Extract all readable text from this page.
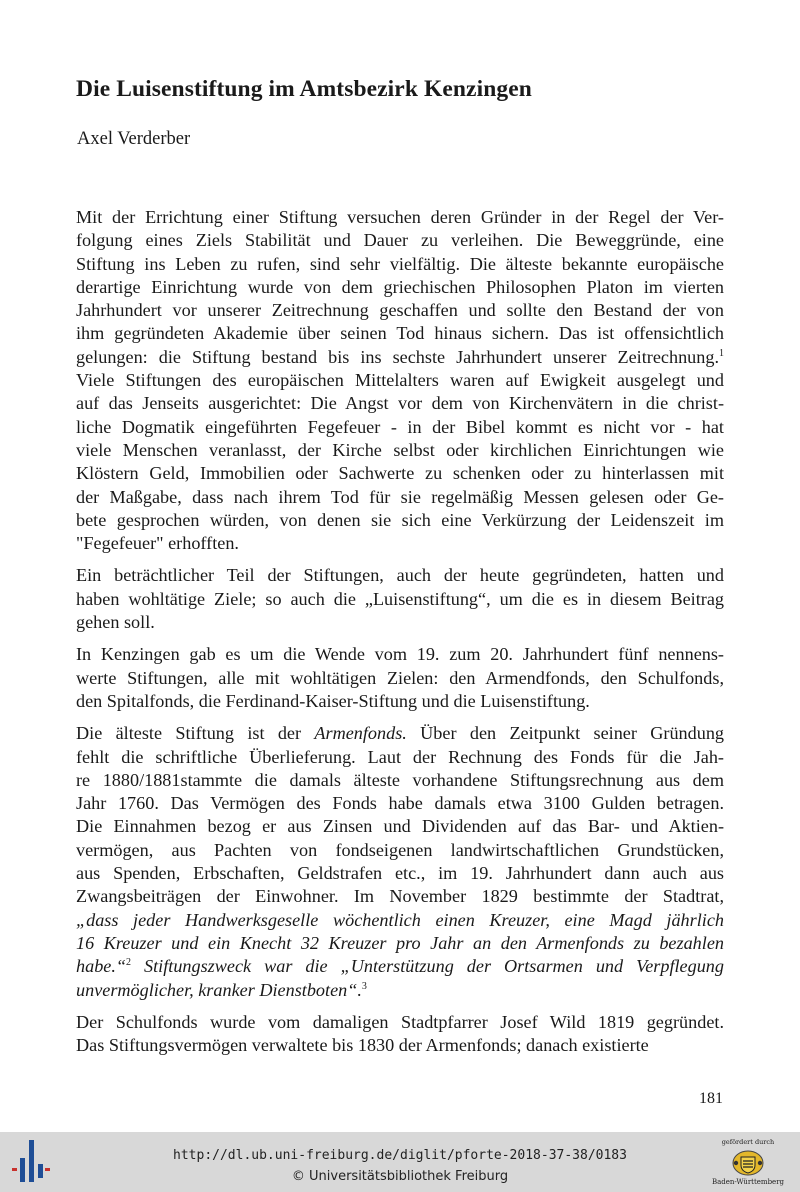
Die Luisenstiftung im Amtsbezirk Kenzingen
Axel Verderber
Mit der Errichtung einer Stiftung versuchen deren Gründer in der Regel der Ver-
folgung eines Ziels Stabilität und Dauer zu verleihen. Die Beweggründe, eine
Stiftung ins Leben zu rufen, sind sehr vielfältig. Die älteste bekannte europäische
derartige Einrichtung wurde von dem griechischen Philosophen Platon im vierten
Jahrhundert vor unserer Zeitrechnung geschaffen und sollte den Bestand der von
ihm gegründeten Akademie über seinen Tod hinaus sichern. Das ist offensichtlich
gelungen: die Stiftung bestand bis ins sechste Jahrhundert unserer Zeitrechnung.$^1$
Viele Stiftungen des europäischen Mittelalters waren auf Ewigkeit ausgelegt und
auf das Jenseits ausgerichtet: Die Angst vor dem von Kirchenvätern in die christ-
liche Dogmatik eingeführten Fegefeuer - in der Bibel kommt es nicht vor - hat
viele Menschen veranlasst, der Kirche selbst oder kirchlichen Einrichtungen wie
Klöstern Geld, Immobilien oder Sachwerte zu schenken oder zu hinterlassen mit
der Maßgabe, dass nach ihrem Tod für sie regelmäßig Messen gelesen oder Ge-
bete gesprochen würden, von denen sie sich eine Verkürzung der Leidenszeit im
"Fegefeuer" erhofften.
Ein beträchtlicher Teil der Stiftungen, auch der heute gegründeten, hatten und
haben wohltätige Ziele; so auch die „Luisenstiftung“, um die es in diesem Beitrag
gehen soll.
In Kenzingen gab es um die Wende vom 19. zum 20. Jahrhundert fünf nennens-
werte Stiftungen, alle mit wohltätigen Zielen: den Armendfonds, den Schulfonds,
den Spitalfonds, die Ferdinand-Kaiser-Stiftung und die Luisenstiftung.
Die älteste Stiftung ist der Armenfonds. Über den Zeitpunkt seiner Gründung
fehlt die schriftliche Überlieferung. Laut der Rechnung des Fonds für die Jah-
re 1880/1881stammte die damals älteste vorhandene Stiftungsrechnung aus dem
Jahr 1760. Das Vermögen des Fonds habe damals etwa 3100 Gulden betragen.
Die Einnahmen bezog er aus Zinsen und Dividenden auf das Bar- und Aktien-
vermögen, aus Pachten von fondseigenen landwirtschaftlichen Grundstücken,
aus Spenden, Erbschaften, Geldstrafen etc., im 19. Jahrhundert dann auch aus
Zwangsbeiträgen der Einwohner. Im November 1829 bestimmte der Stadtrat,
„dass jeder Handwerksgeselle wöchentlich einen Kreuzer, eine Magd jährlich
16 Kreuzer und ein Knecht 32 Kreuzer pro Jahr an den Armenfonds zu bezahlen
habe.“$^2$ Stiftungszweck war die „Unterstützung der Ortsarmen und Verpflegung
unvermöglicher, kranker Dienstboten“.$^3$
Der Schulfonds wurde vom damaligen Stadtpfarrer Josef Wild 1819 gegründet.
Das Stiftungsvermögen verwaltete bis 1830 der Armenfonds; danach existierte
181
http://dl.ub.uni-freiburg.de/diglit/pforte-2018-37-38/0183
© Universitätsbibliothek Freiburg
gefördert durch
Baden-Württemberg
